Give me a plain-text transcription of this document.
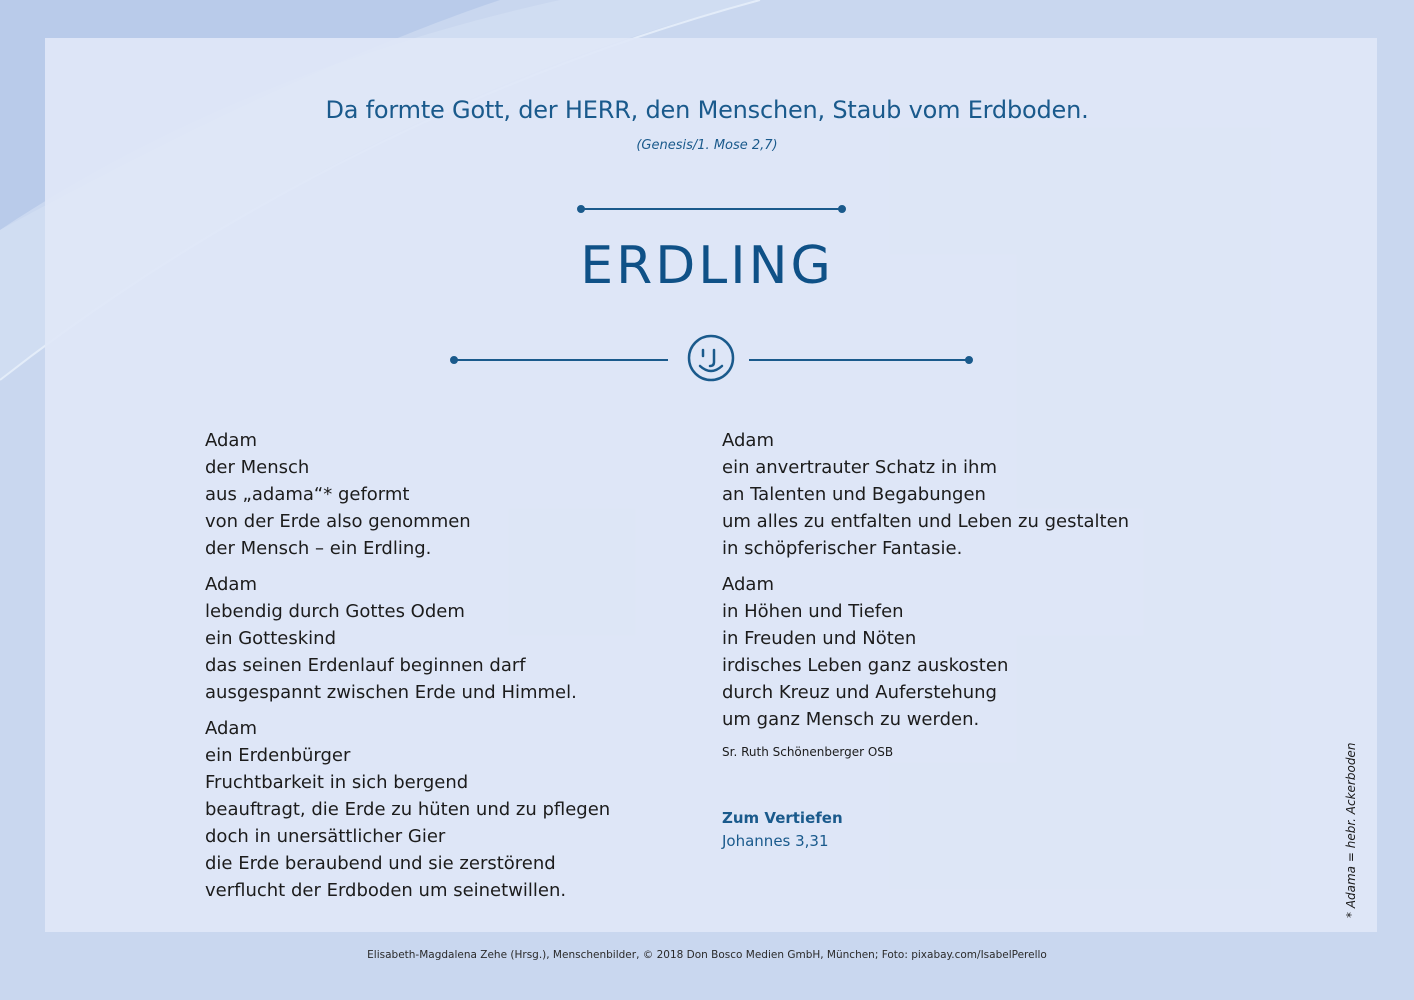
Da formte Gott, der HERR, den Menschen, Staub vom Erdboden.
(Genesis/1. Mose 2,7)
ERDLING
Adam
der Mensch
aus „adama“* geformt
von der Erde also genommen
der Mensch – ein Erdling.
Adam
lebendig durch Gottes Odem
ein Gotteskind
das seinen Erdenlauf beginnen darf
ausgespannt zwischen Erde und Himmel.
Adam
ein Erdenbürger
Fruchtbarkeit in sich bergend
beauftragt, die Erde zu hüten und zu pflegen
doch in unersättlicher Gier
die Erde beraubend und sie zerstörend
verflucht der Erdboden um seinetwillen.
Adam
ein anvertrauter Schatz in ihm
an Talenten und Begabungen
um alles zu entfalten und Leben zu gestalten
in schöpferischer Fantasie.
Adam
in Höhen und Tiefen
in Freuden und Nöten
irdisches Leben ganz auskosten
durch Kreuz und Auferstehung
um ganz Mensch zu werden.
Sr. Ruth Schönenberger OSB
Zum Vertiefen
Johannes 3,31	* Adama = hebr. Ackerboden
Elisabeth-Magdalena Zehe (Hrsg.), Menschenbilder, © 2018 Don Bosco Medien GmbH, München; Foto: pixabay.com/IsabelPerello
